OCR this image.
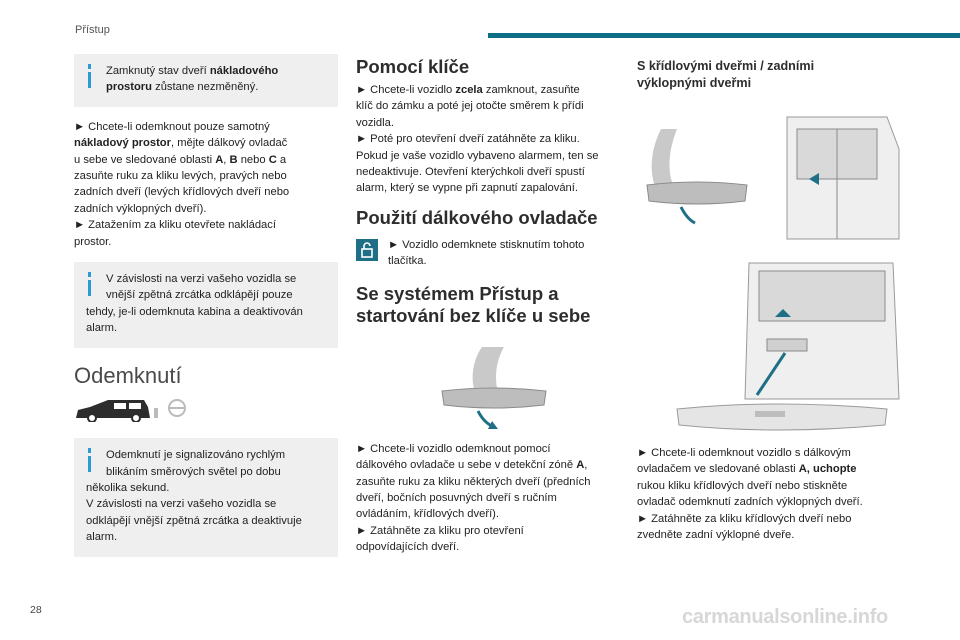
Přístup

Zamknutý stav dveří nákladového prostoru zůstane nezměněný.

► Chcete-li odemknout pouze samotný

nákladový prostor, mějte dálkový ovladač

u sebe ve sledované oblasti A, B nebo C a

zasuňte ruku za kliku levých, pravých nebo

zadních dveří (levých křídlových dveří nebo

zadních výklopných dveří).

► Zatažením za kliku otevřete nakládací

prostor.

V závislosti na verzi vašeho vozidla se

vnější zpětná zrcátka odklápějí pouze

tehdy, je-li odemknuta kabina a deaktivován

alarm.

Odemknutí

Odemknutí je signalizováno rychlým

blikáním směrových světel po dobu

několika sekund.

V závislosti na verzi vašeho vozidla se

odklápějí vnější zpětná zrcátka a deaktivuje

alarm.

Pomocí klíče

► Chcete-li vozidlo zcela zamknout, zasuňte

klíč do zámku a poté jej otočte směrem k přídi

vozidla.

► Poté pro otevření dveří zatáhněte za kliku.

Pokud je vaše vozidlo vybaveno alarmem, ten se

nedeaktivuje. Otevření kterýchkoli dveří spustí

alarm, který se vypne při zapnutí zapalování.

Použití dálkového ovladače

► Vozidlo odemknete stisknutím tohoto

tlačítka.

Se systémem Přístup a
startování bez klíče u sebe

► Chcete-li vozidlo odemknout pomocí

dálkového ovladače u sebe v detekční zóně A,

zasuňte ruku za kliku některých dveří (předních

dveří, bočních posuvných dveří s ručním

ovládáním, křídlových dveří).

► Zatáhněte za kliku pro otevření

odpovídajících dveří.

S křídlovými dveřmi / zadními
výklopnými dveřmi

► Chcete-li odemknout vozidlo s dálkovým

ovladačem ve sledované oblasti A, uchopte

rukou kliku křídlových dveří nebo stiskněte

ovladač odemknutí zadních výklopných dveří.

► Zatáhněte za kliku křídlových dveří nebo

zvedněte zadní výklopné dveře.

28	carmanualsonline.info
